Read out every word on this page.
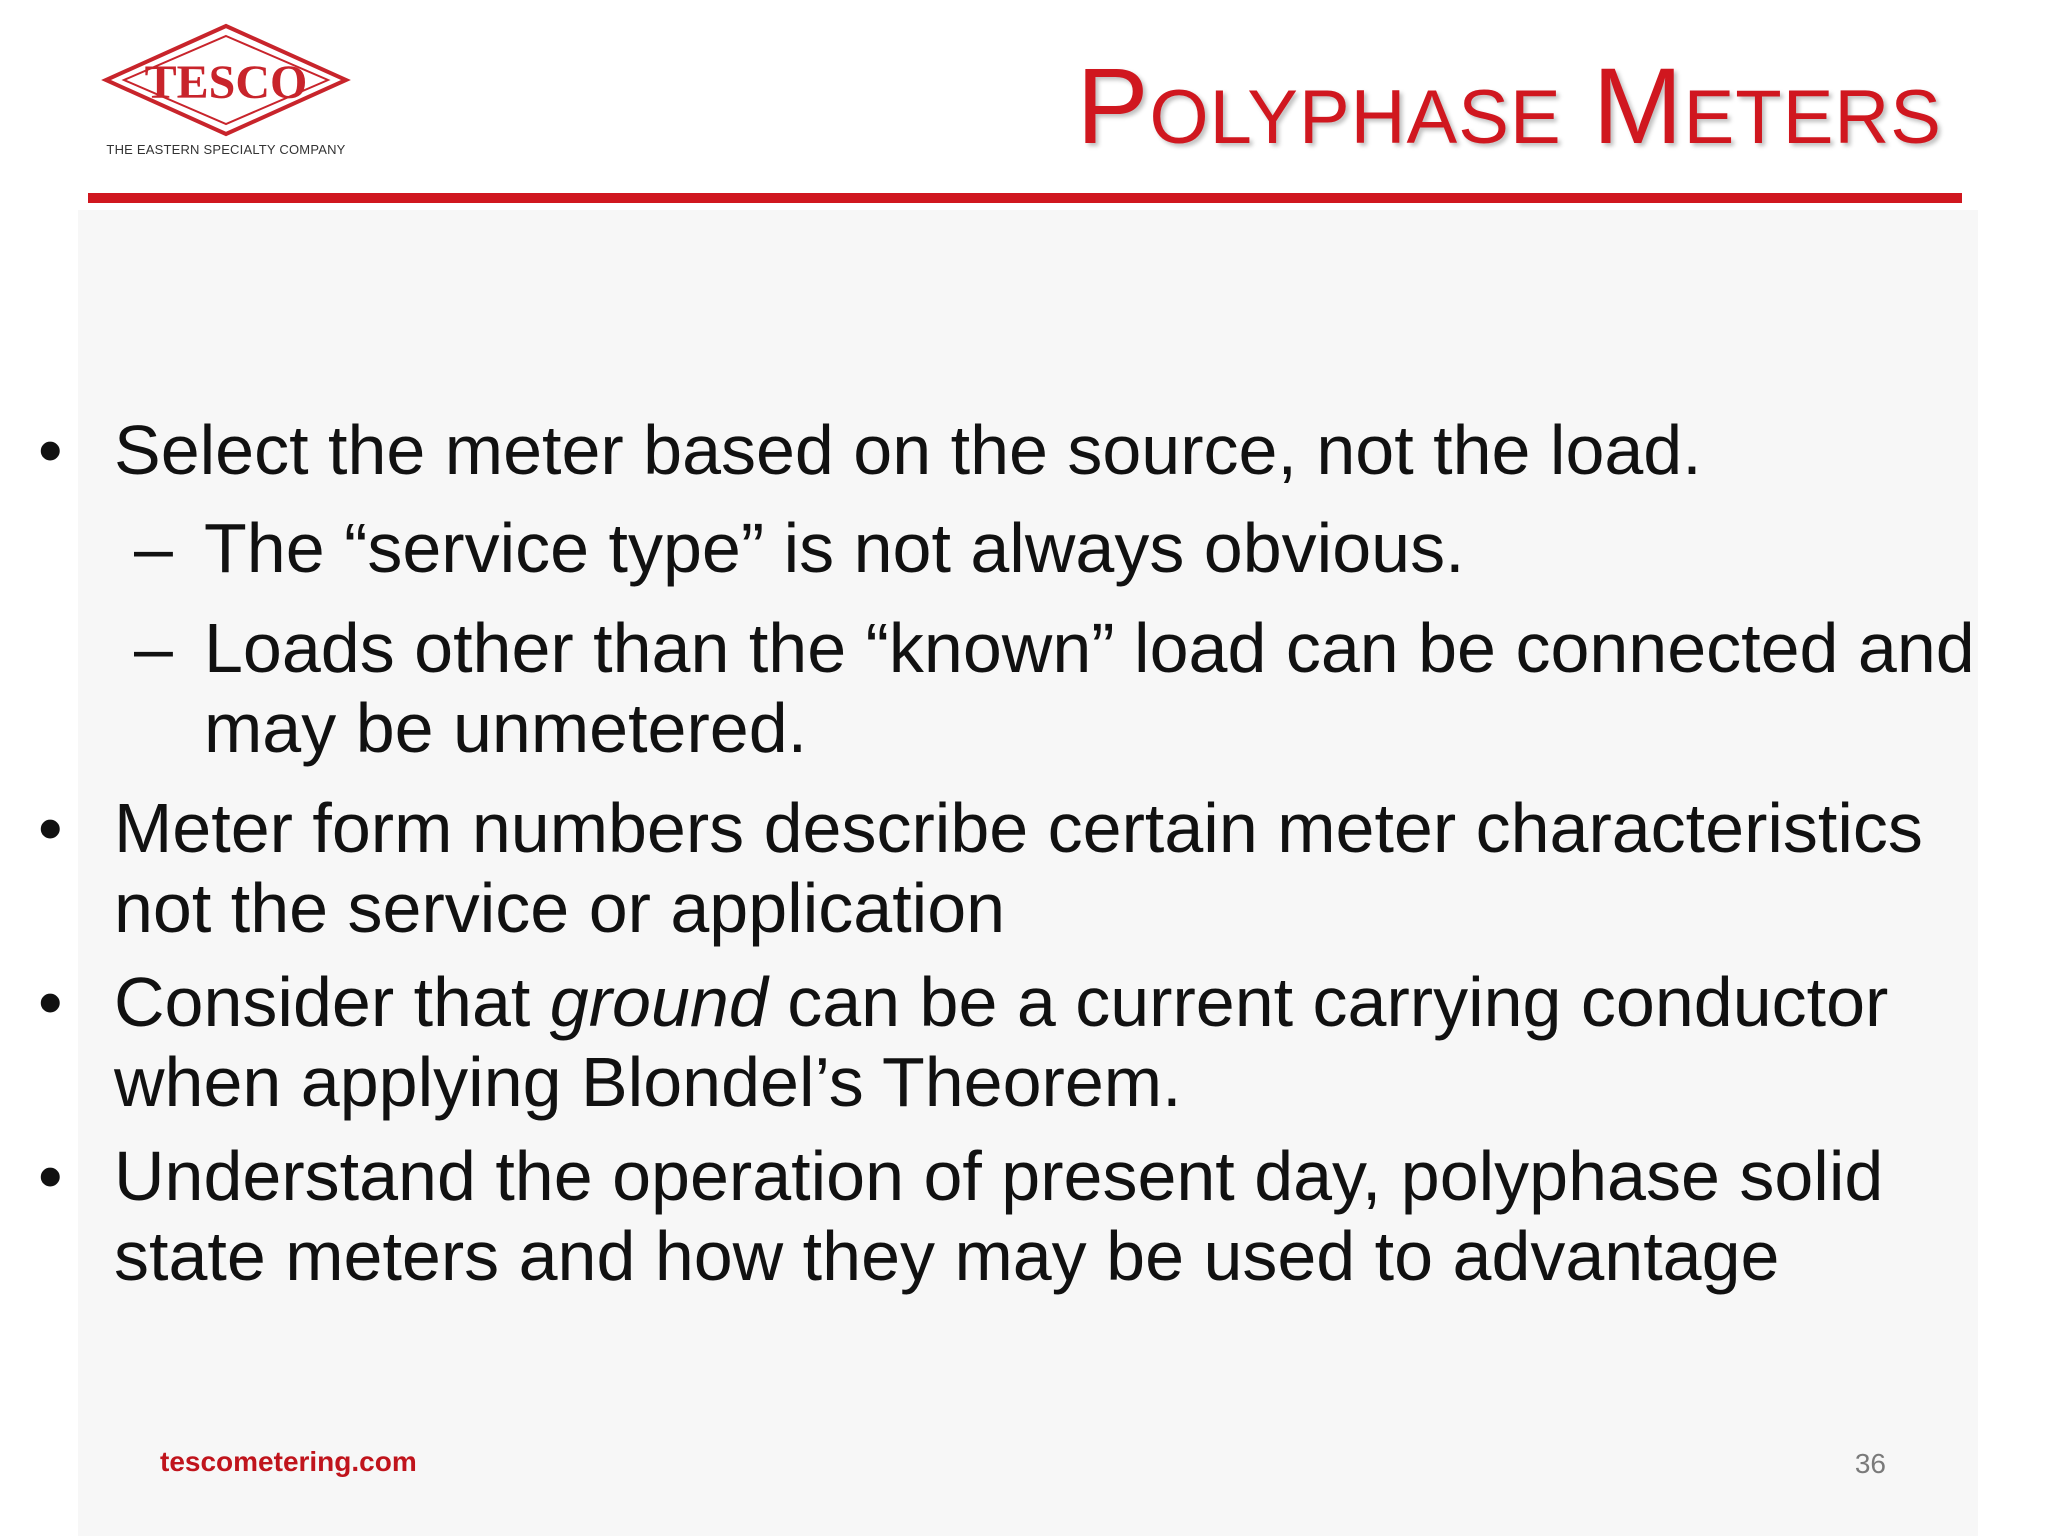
TESCO
THE EASTERN SPECIALTY COMPANY	Polyphase Meters
• Select the meter based on the source, not the load.
– The “service type” is not always obvious.
– Loads other than the “known” load can be connected and may be unmetered.
• Meter form numbers describe certain meter characteristics not the service or application
• Consider that ground can be a current carrying conductor when applying Blondel’s Theorem.
• Understand the operation of present day, polyphase solid state meters and how they may be used to advantage
tescometering.com	36
